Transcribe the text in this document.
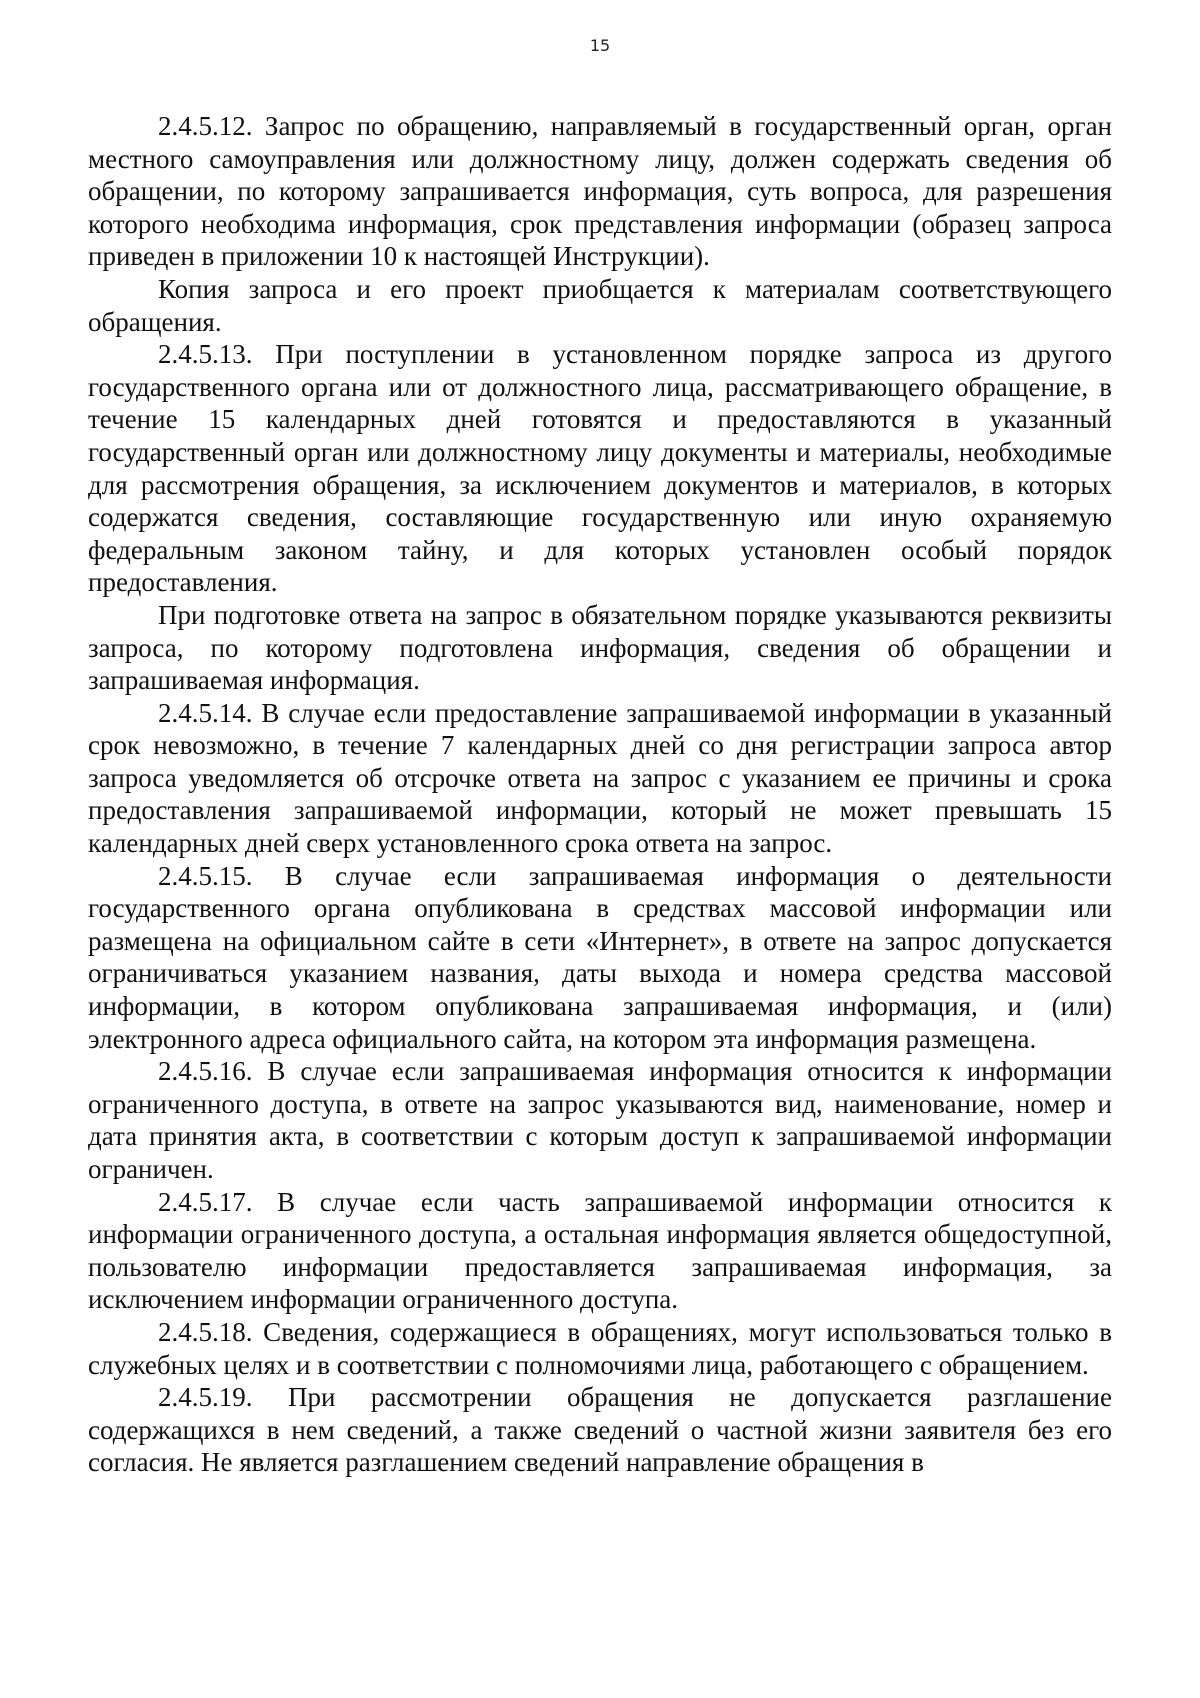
15

2.4.5.12. Запрос по обращению, направляемый в государственный орган, орган местного самоуправления или должностному лицу, должен содержать сведения об обращении, по которому запрашивается информация, суть вопроса, для разрешения которого необходима информация, срок представления информации (образец запроса приведен в приложении 10 к настоящей Инструкции).

Копия запроса и его проект приобщается к материалам соответствующего обращения.

2.4.5.13. При поступлении в установленном порядке запроса из другого государственного органа или от должностного лица, рассматривающего обращение, в течение 15 календарных дней готовятся и предоставляются в указанный государственный орган или должностному лицу документы и материалы, необходимые для рассмотрения обращения, за исключением документов и материалов, в которых содержатся сведения, составляющие государственную или иную охраняемую федеральным законом тайну, и для которых установлен особый порядок предоставления.

При подготовке ответа на запрос в обязательном порядке указываются реквизиты запроса, по которому подготовлена информация, сведения об обращении и запрашиваемая информация.

2.4.5.14. В случае если предоставление запрашиваемой информации в указанный срок невозможно, в течение 7 календарных дней со дня регистрации запроса автор запроса уведомляется об отсрочке ответа на запрос с указанием ее причины и срока предоставления запрашиваемой информации, который не может превышать 15 календарных дней сверх установленного срока ответа на запрос.

2.4.5.15. В случае если запрашиваемая информация о деятельности государственного органа опубликована в средствах массовой информации или размещена на официальном сайте в сети «Интернет», в ответе на запрос допускается ограничиваться указанием названия, даты выхода и номера средства массовой информации, в котором опубликована запрашиваемая информация, и (или) электронного адреса официального сайта, на котором эта информация размещена.

2.4.5.16. В случае если запрашиваемая информация относится к информации ограниченного доступа, в ответе на запрос указываются вид, наименование, номер и дата принятия акта, в соответствии с которым доступ к запрашиваемой информации ограничен.

2.4.5.17. В случае если часть запрашиваемой информации относится к информации ограниченного доступа, а остальная информация является общедоступной, пользователю информации предоставляется запрашиваемая информация, за исключением информации ограниченного доступа.

2.4.5.18. Сведения, содержащиеся в обращениях, могут использоваться только в служебных целях и в соответствии с полномочиями лица, работающего с обращением.

2.4.5.19. При рассмотрении обращения не допускается разглашение содержащихся в нем сведений, а также сведений о частной жизни заявителя без его согласия. Не является разглашением сведений направление обращения в
